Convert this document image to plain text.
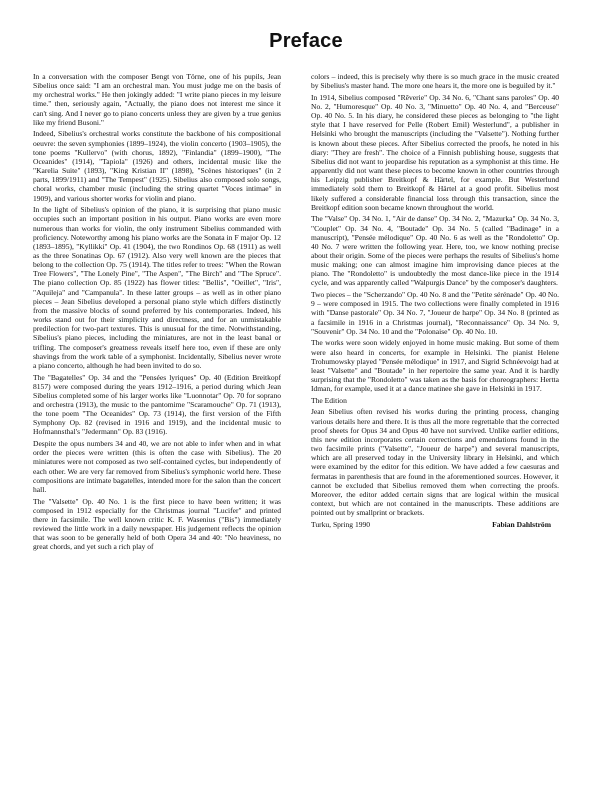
Preface

In a conversation with the composer Bengt von Törne, one of his pupils, Jean Sibelius once said: "I am an orchestral man. You must judge me on the basis of my orchestral works." He then jokingly added: "I write piano pieces in my leisure time." then, seriously again, "Actually, the piano does not interest me since it can't sing. And I never go to piano concerts unless they are given by a true genius like my friend Busoni."

Indeed, Sibelius's orchestral works constitute the backbone of his compositional oeuvre: the seven symphonies (1899–1924), the violin concerto (1903–1905), the tone poems "Kullervo" (with chorus, 1892), "Finlandia" (1899–1900), "The Oceanides" (1914), "Tapiola" (1926) and others, incidental music like the "Karelia Suite" (1893), "King Kristian II" (1898), "Scènes historiques" (in 2 parts, 1899/1911) and "The Tempest" (1925). Sibelius also composed solo songs, choral works, chamber music (including the string quartet "Voces intimae" in 1909), and various shorter works for violin and piano.

In the light of Sibelius's opinion of the piano, it is surprising that piano music occupies such an important position in his output. Piano works are even more numerous than works for violin, the only instrument Sibelius commanded with proficiency. Noteworthy among his piano works are the Sonata in F major Op. 12 (1893–1895), "Kyllikki" Op. 41 (1904), the two Rondinos Op. 68 (1911) as well as the three Sonatinas Op. 67 (1912). Also very well known are the pieces that belong to the collection Op. 75 (1914). The titles refer to trees: "When the Rowan Tree Flowers", "The Lonely Pine", "The Aspen", "The Birch" and "The Spruce". The piano collection Op. 85 (1922) has flower titles: "Bellis", "Oeillet", "Iris", "Aquileja" and "Campanula". In these latter groups – as well as in other piano pieces – Jean Sibelius developed a personal piano style which differs distinctly from the massive blocks of sound preferred by his contemporaries. Indeed, his works stand out for their simplicity and directness, and for an unmistakable predilection for two-part textures. This is unusual for the time. Notwithstanding, Sibelius's piano pieces, including the miniatures, are not in the least banal or trifling. The composer's greatness reveals itself here too, even if these are only shavings from the work table of a symphonist. Incidentally, Sibelius never wrote a piano concerto, although he had been invited to do so.

The "Bagatelles" Op. 34 and the "Pensées lyriques" Op. 40 (Edition Breitkopf 8157) were composed during the years 1912–1916, a period during which Jean Sibelius completed some of his larger works like "Luonnotar" Op. 70 for soprano and orchestra (1913), the music to the pantomime "Scaramouche" Op. 71 (1913), the tone poem "The Oceanides" Op. 73 (1914), the first version of the Fifth Symphony Op. 82 (revised in 1916 and 1919), and the incidental music to Hofmannsthal's "Jedermann" Op. 83 (1916).

Despite the opus numbers 34 and 40, we are not able to infer when and in what order the pieces were written (this is often the case with Sibelius). The 20 miniatures were not composed as two self-contained cycles, but independently of each other. We are very far removed from Sibelius's symphonic world here. These compositions are intimate bagatelles, intended more for the salon than the concert hall.

The "Valsette" Op. 40 No. 1 is the first piece to have been written; it was composed in 1912 especially for the Christmas journal "Lucifer" and printed there in facsimile. The well known critic K. F. Wasenius ("Bis") immediately reviewed the little work in a daily newspaper. His judgement reflects the opinion that was soon to be generally held of both Opera 34 and 40: "No heaviness, no great chords, and yet such a rich play of

colors – indeed, this is precisely why there is so much grace in the music created by Sibelius's master hand. The more one hears it, the more one is beguiled by it."

In 1914, Sibelius composed "Rêverie" Op. 34 No. 6, "Chant sans paroles" Op. 40 No. 2, "Humoresque" Op. 40 No. 3, "Minuetto" Op. 40 No. 4, and "Berceuse" Op. 40 No. 5. In his diary, he considered these pieces as belonging to "the light style that I have reserved for Pelle (Robert Emil) Westerlund", a publisher in Helsinki who brought the manuscripts (including the "Valsette"). Nothing further is known about these pieces. After Sibelius corrected the proofs, he noted in his diary: "They are fresh". The choice of a Finnish publishing house, suggests that Sibelius did not want to jeopardise his reputation as a symphonist at this time. He apparently did not want these pieces to become known in other countries through his Leipzig publisher Breitkopf & Härtel, for example. But Westerlund immediately sold them to Breitkopf & Härtel at a good profit. Sibelius most likely suffered a considerable financial loss through this transaction, since the Breitkopf edition soon became known throughout the world.

The "Valse" Op. 34 No. 1, "Air de danse" Op. 34 No. 2, "Mazurka" Op. 34 No. 3, "Couplet" Op. 34 No. 4, "Boutade" Op. 34 No. 5 (called "Badinage" in a manuscript), "Pensée mélodique" Op. 40 No. 6 as well as the "Rondoletto" Op. 40 No. 7 were written the following year. Here, too, we know nothing precise about their origin. Some of the pieces were perhaps the results of Sibelius's home music making; one can almost imagine him improvising dance pieces at the piano. The "Rondoletto" is undoubtedly the most dance-like piece in the 1914 cycle, and was apparently called "Walpurgis Dance" by the composer's daughters.

Two pieces – the "Scherzando" Op. 40 No. 8 and the "Petite sérénade" Op. 40 No. 9 – were composed in 1915. The two collections were finally completed in 1916 with "Danse pastorale" Op. 34 No. 7, "Joueur de harpe" Op. 34 No. 8 (printed as a facsimile in 1916 in a Christmas journal), "Reconnaissance" Op. 34 No. 9, "Souvenir" Op. 34 No. 10 and the "Polonaise" Op. 40 No. 10.

The works were soon widely enjoyed in home music making. But some of them were also heard in concerts, for example in Helsinki. The pianist Helene Trohumowsky played "Pensée mélodique" in 1917, and Sigrid Schnéevoigt had at least "Valsette" and "Boutade" in her repertoire the same year. And it is hardly surprising that the "Rondoletto" was taken as the basis for choreographers: Hertta Idman, for example, used it at a dance matinee she gave in Helsinki in 1917.

The Edition

Jean Sibelius often revised his works during the printing process, changing various details here and there. It is thus all the more regrettable that the corrected proof sheets for Opus 34 and Opus 40 have not survived. Unlike earlier editions, this new edition incorporates certain corrections and emendations found in the two facsimile prints ("Valsette", "Joueur de harpe") and several manuscripts, which are all preserved today in the University library in Helsinki, and which were examined by the editor for this edition. We have added a few caesuras and fermatas in parenthesis that are found in the aforementioned sources. However, it cannot be excluded that Sibelius removed them when correcting the proofs. Moreover, the editor added certain signs that are logical within the musical context, but which are not contained in the manuscripts. These additions are pointed out by smallprint or brackets.

Turku, Spring 1990	Fabian Dahlström
